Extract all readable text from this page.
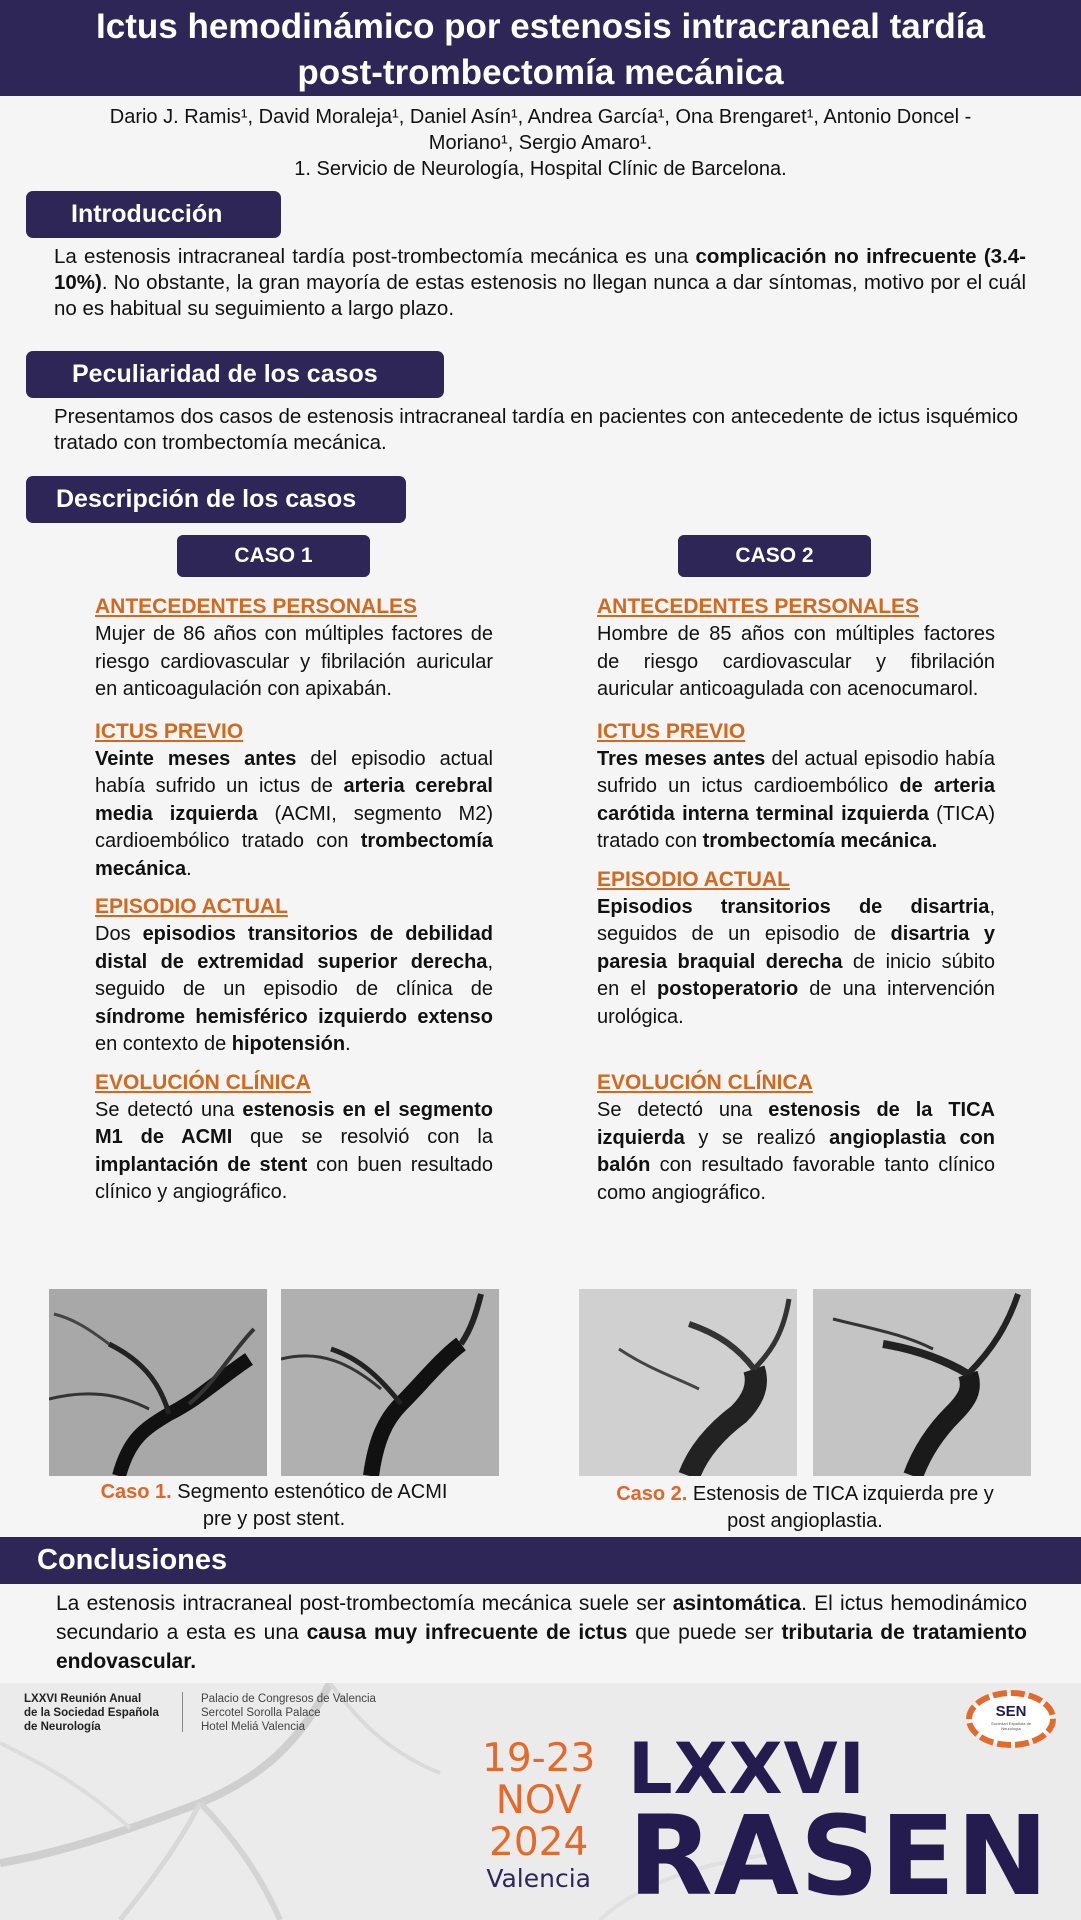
Ictus hemodinámico por estenosis intracraneal tardía
post-trombectomía mecánica
Dario J. Ramis¹, David Moraleja¹, Daniel Asín¹, Andrea García¹, Ona Brengaret¹, Antonio Doncel -
Moriano¹, Sergio Amaro¹.
1. Servicio de Neurología, Hospital Clínic de Barcelona.
Introducción
La estenosis intracraneal tardía post-trombectomía mecánica es una complicación no infrecuente (3.4-10%). No obstante, la gran mayoría de estas estenosis no llegan nunca a dar síntomas, motivo por el cuál no es habitual su seguimiento a largo plazo.
Peculiaridad de los casos
Presentamos dos casos de estenosis intracraneal tardía en pacientes con antecedente de ictus isquémico tratado con trombectomía mecánica.
Descripción de los casos
CASO 1	CASO 2
ANTECEDENTES PERSONALES

Mujer de 86 años con múltiples factores de riesgo cardiovascular y fibrilación auricular en anticoagulación con apixabán.

ICTUS PREVIO

Veinte meses antes del episodio actual había sufrido un ictus de arteria cerebral media izquierda (ACMI, segmento M2) cardioembólico tratado con trombectomía mecánica.

EPISODIO ACTUAL

Dos episodios transitorios de debilidad distal de extremidad superior derecha, seguido de un episodio de clínica de síndrome hemisférico izquierdo extenso en contexto de hipotensión.

EVOLUCIÓN CLÍNICA

Se detectó una estenosis en el segmento M1 de ACMI que se resolvió con la implantación de stent con buen resultado clínico y angiográfico.

ANTECEDENTES PERSONALES

Hombre de 85 años con múltiples factores de riesgo cardiovascular y fibrilación auricular anticoagulada con acenocumarol.

ICTUS PREVIO

Tres meses antes del actual episodio había sufrido un ictus cardioembólico de arteria carótida interna terminal izquierda (TICA) tratado con trombectomía mecánica.

EPISODIO ACTUAL

Episodios transitorios de disartria, seguidos de un episodio de disartria y paresia braquial derecha de inicio súbito en el postoperatorio de una intervención urológica.

EVOLUCIÓN CLÍNICA

Se detectó una estenosis de la TICA izquierda y se realizó angioplastia con balón con resultado favorable tanto clínico como angiográfico.

Caso 1. Segmento estenótico de ACMI
pre y post stent.
Caso 2. Estenosis de TICA izquierda pre y
post angioplastia.
Conclusiones
La estenosis intracraneal post-trombectomía mecánica suele ser asintomática. El ictus hemodinámico secundario a esta es una causa muy infrecuente de ictus que puede ser tributaria de tratamiento endovascular.
LXXVI Reunión Anual
de la Sociedad Española
de Neurología
Palacio de Congresos de Valencia
Sercotel Sorolla Palace
Hotel Meliá Valencia
19-23
NOV
2024
Valencia
LXXVI
RASEN
SEN
Sociedad Española de Neurología
